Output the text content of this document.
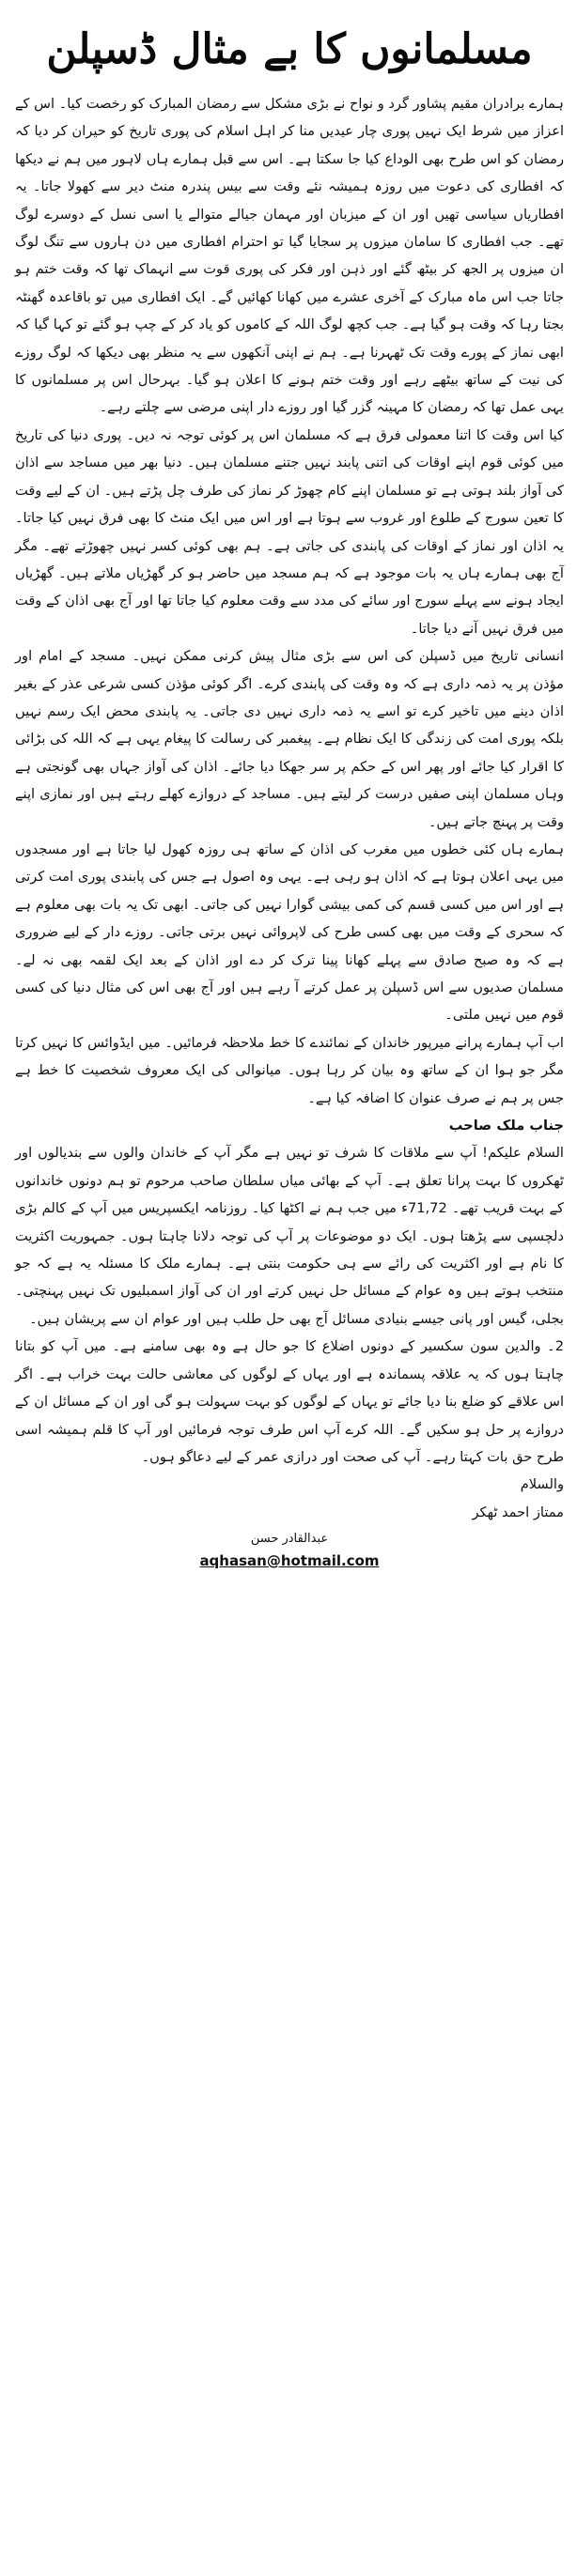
مسلمانوں کا بے مثال ڈسپلن

ہمارے برادران مقیم پشاور گرد و نواح نے بڑی مشکل سے رمضان المبارک کو رخصت کیا۔ اس کے اعزاز میں شرط ایک نہیں پوری چار عیدیں منا کر اہل اسلام کی پوری تاریخ کو حیران کر دیا کہ رمضان کو اس طرح بھی الوداع کیا جا سکتا ہے۔ اس سے قبل ہمارے ہاں لاہور میں ہم نے دیکھا کہ افطاری کی دعوت میں روزہ ہمیشہ نئے وقت سے بیس پندرہ منٹ دیر سے کھولا جاتا۔ یہ افطاریاں سیاسی تھیں اور ان کے میزبان اور مہمان جیالے متوالے یا اسی نسل کے دوسرے لوگ تھے۔ جب افطاری کا سامان میزوں پر سجایا گیا تو احترام افطاری میں دن ہاروں سے تنگ لوگ ان میزوں پر الجھ کر بیٹھ گئے اور ذہن اور فکر کی پوری قوت سے انہماک تھا کہ وقت ختم ہو جاتا جب اس ماہ مبارک کے آخری عشرے میں کھانا کھائیں گے۔ ایک افطاری میں تو باقاعدہ گھنٹہ بجتا رہا کہ وقت ہو گیا ہے۔ جب کچھ لوگ اللہ کے کاموں کو یاد کر کے چپ ہو گئے تو کہا گیا کہ ابھی نماز کے پورے وقت تک ٹھہرنا ہے۔ ہم نے اپنی آنکھوں سے یہ منظر بھی دیکھا کہ لوگ روزے کی نیت کے ساتھ بیٹھے رہے اور وقت ختم ہونے کا اعلان ہو گیا۔ بہرحال اس پر مسلمانوں کا یہی عمل تھا کہ رمضان کا مہینہ گزر گیا اور روزے دار اپنی مرضی سے چلتے رہے۔

کیا اس وقت کا اتنا معمولی فرق ہے کہ مسلمان اس پر کوئی توجہ نہ دیں۔ پوری دنیا کی تاریخ میں کوئی قوم اپنے اوقات کی اتنی پابند نہیں جتنے مسلمان ہیں۔ دنیا بھر میں مساجد سے اذان کی آواز بلند ہوتی ہے تو مسلمان اپنے کام چھوڑ کر نماز کی طرف چل پڑتے ہیں۔ ان کے لیے وقت کا تعین سورج کے طلوع اور غروب سے ہوتا ہے اور اس میں ایک منٹ کا بھی فرق نہیں کیا جاتا۔ یہ اذان اور نماز کے اوقات کی پابندی کی جاتی ہے۔ ہم بھی کوئی کسر نہیں چھوڑتے تھے۔ مگر آج بھی ہمارے ہاں یہ بات موجود ہے کہ ہم مسجد میں حاضر ہو کر گھڑیاں ملاتے ہیں۔ گھڑیاں ایجاد ہونے سے پہلے سورج اور سائے کی مدد سے وقت معلوم کیا جاتا تھا اور آج بھی اذان کے وقت میں فرق نہیں آنے دیا جاتا۔

انسانی تاریخ میں ڈسپلن کی اس سے بڑی مثال پیش کرنی ممکن نہیں۔ مسجد کے امام اور مؤذن پر یہ ذمہ داری ہے کہ وہ وقت کی پابندی کرے۔ اگر کوئی مؤذن کسی شرعی عذر کے بغیر اذان دینے میں تاخیر کرے تو اسے یہ ذمہ داری نہیں دی جاتی۔ یہ پابندی محض ایک رسم نہیں بلکہ پوری امت کی زندگی کا ایک نظام ہے۔ پیغمبر کی رسالت کا پیغام یہی ہے کہ اللہ کی بڑائی کا اقرار کیا جائے اور پھر اس کے حکم پر سر جھکا دیا جائے۔ اذان کی آواز جہاں بھی گونجتی ہے وہاں مسلمان اپنی صفیں درست کر لیتے ہیں۔ مساجد کے دروازے کھلے رہتے ہیں اور نمازی اپنے وقت پر پہنچ جاتے ہیں۔

ہمارے ہاں کئی خطوں میں مغرب کی اذان کے ساتھ ہی روزہ کھول لیا جاتا ہے اور مسجدوں میں یہی اعلان ہوتا ہے کہ اذان ہو رہی ہے۔ یہی وہ اصول ہے جس کی پابندی پوری امت کرتی ہے اور اس میں کسی قسم کی کمی بیشی گوارا نہیں کی جاتی۔ ابھی تک یہ بات بھی معلوم ہے کہ سحری کے وقت میں بھی کسی طرح کی لاپروائی نہیں برتی جاتی۔ روزے دار کے لیے ضروری ہے کہ وہ صبح صادق سے پہلے کھانا پینا ترک کر دے اور اذان کے بعد ایک لقمہ بھی نہ لے۔ مسلمان صدیوں سے اس ڈسپلن پر عمل کرتے آ رہے ہیں اور آج بھی اس کی مثال دنیا کی کسی قوم میں نہیں ملتی۔

اب آپ ہمارے پرانے میرپور خاندان کے نمائندے کا خط ملاحظہ فرمائیں۔ میں ایڈوائس کا نہیں کرتا مگر جو ہوا ان کے ساتھ وہ بیان کر رہا ہوں۔ میانوالی کی ایک معروف شخصیت کا خط ہے جس پر ہم نے صرف عنوان کا اضافہ کیا ہے۔

جناب ملک صاحب

السلام علیکم! آپ سے ملاقات کا شرف تو نہیں ہے مگر آپ کے خاندان والوں سے بندیالوں اور ٹھکروں کا بہت پرانا تعلق ہے۔ آپ کے بھائی میاں سلطان صاحب مرحوم تو ہم دونوں خاندانوں کے بہت قریب تھے۔ 71,72ء میں جب ہم نے اکٹھا کیا۔ روزنامہ ایکسپریس میں آپ کے کالم بڑی دلچسپی سے پڑھتا ہوں۔ ایک دو موضوعات پر آپ کی توجہ دلانا چاہتا ہوں۔ جمہوریت اکثریت کا نام ہے اور اکثریت کی رائے سے ہی حکومت بنتی ہے۔ ہمارے ملک کا مسئلہ یہ ہے کہ جو منتخب ہوتے ہیں وہ عوام کے مسائل حل نہیں کرتے اور ان کی آواز اسمبلیوں تک نہیں پہنچتی۔ بجلی، گیس اور پانی جیسے بنیادی مسائل آج بھی حل طلب ہیں اور عوام ان سے پریشان ہیں۔

2۔ والدین سون سکسیر کے دونوں اضلاع کا جو حال ہے وہ بھی سامنے ہے۔ میں آپ کو بتانا چاہتا ہوں کہ یہ علاقہ پسماندہ ہے اور یہاں کے لوگوں کی معاشی حالت بہت خراب ہے۔ اگر اس علاقے کو ضلع بنا دیا جائے تو یہاں کے لوگوں کو بہت سہولت ہو گی اور ان کے مسائل ان کے دروازے پر حل ہو سکیں گے۔ اللہ کرے آپ اس طرف توجہ فرمائیں اور آپ کا قلم ہمیشہ اسی طرح حق بات کہتا رہے۔ آپ کی صحت اور درازی عمر کے لیے دعاگو ہوں۔

والسلام
ممتاز احمد ٹھکر
عبدالقادر حسن
aqhasan@hotmail.com
